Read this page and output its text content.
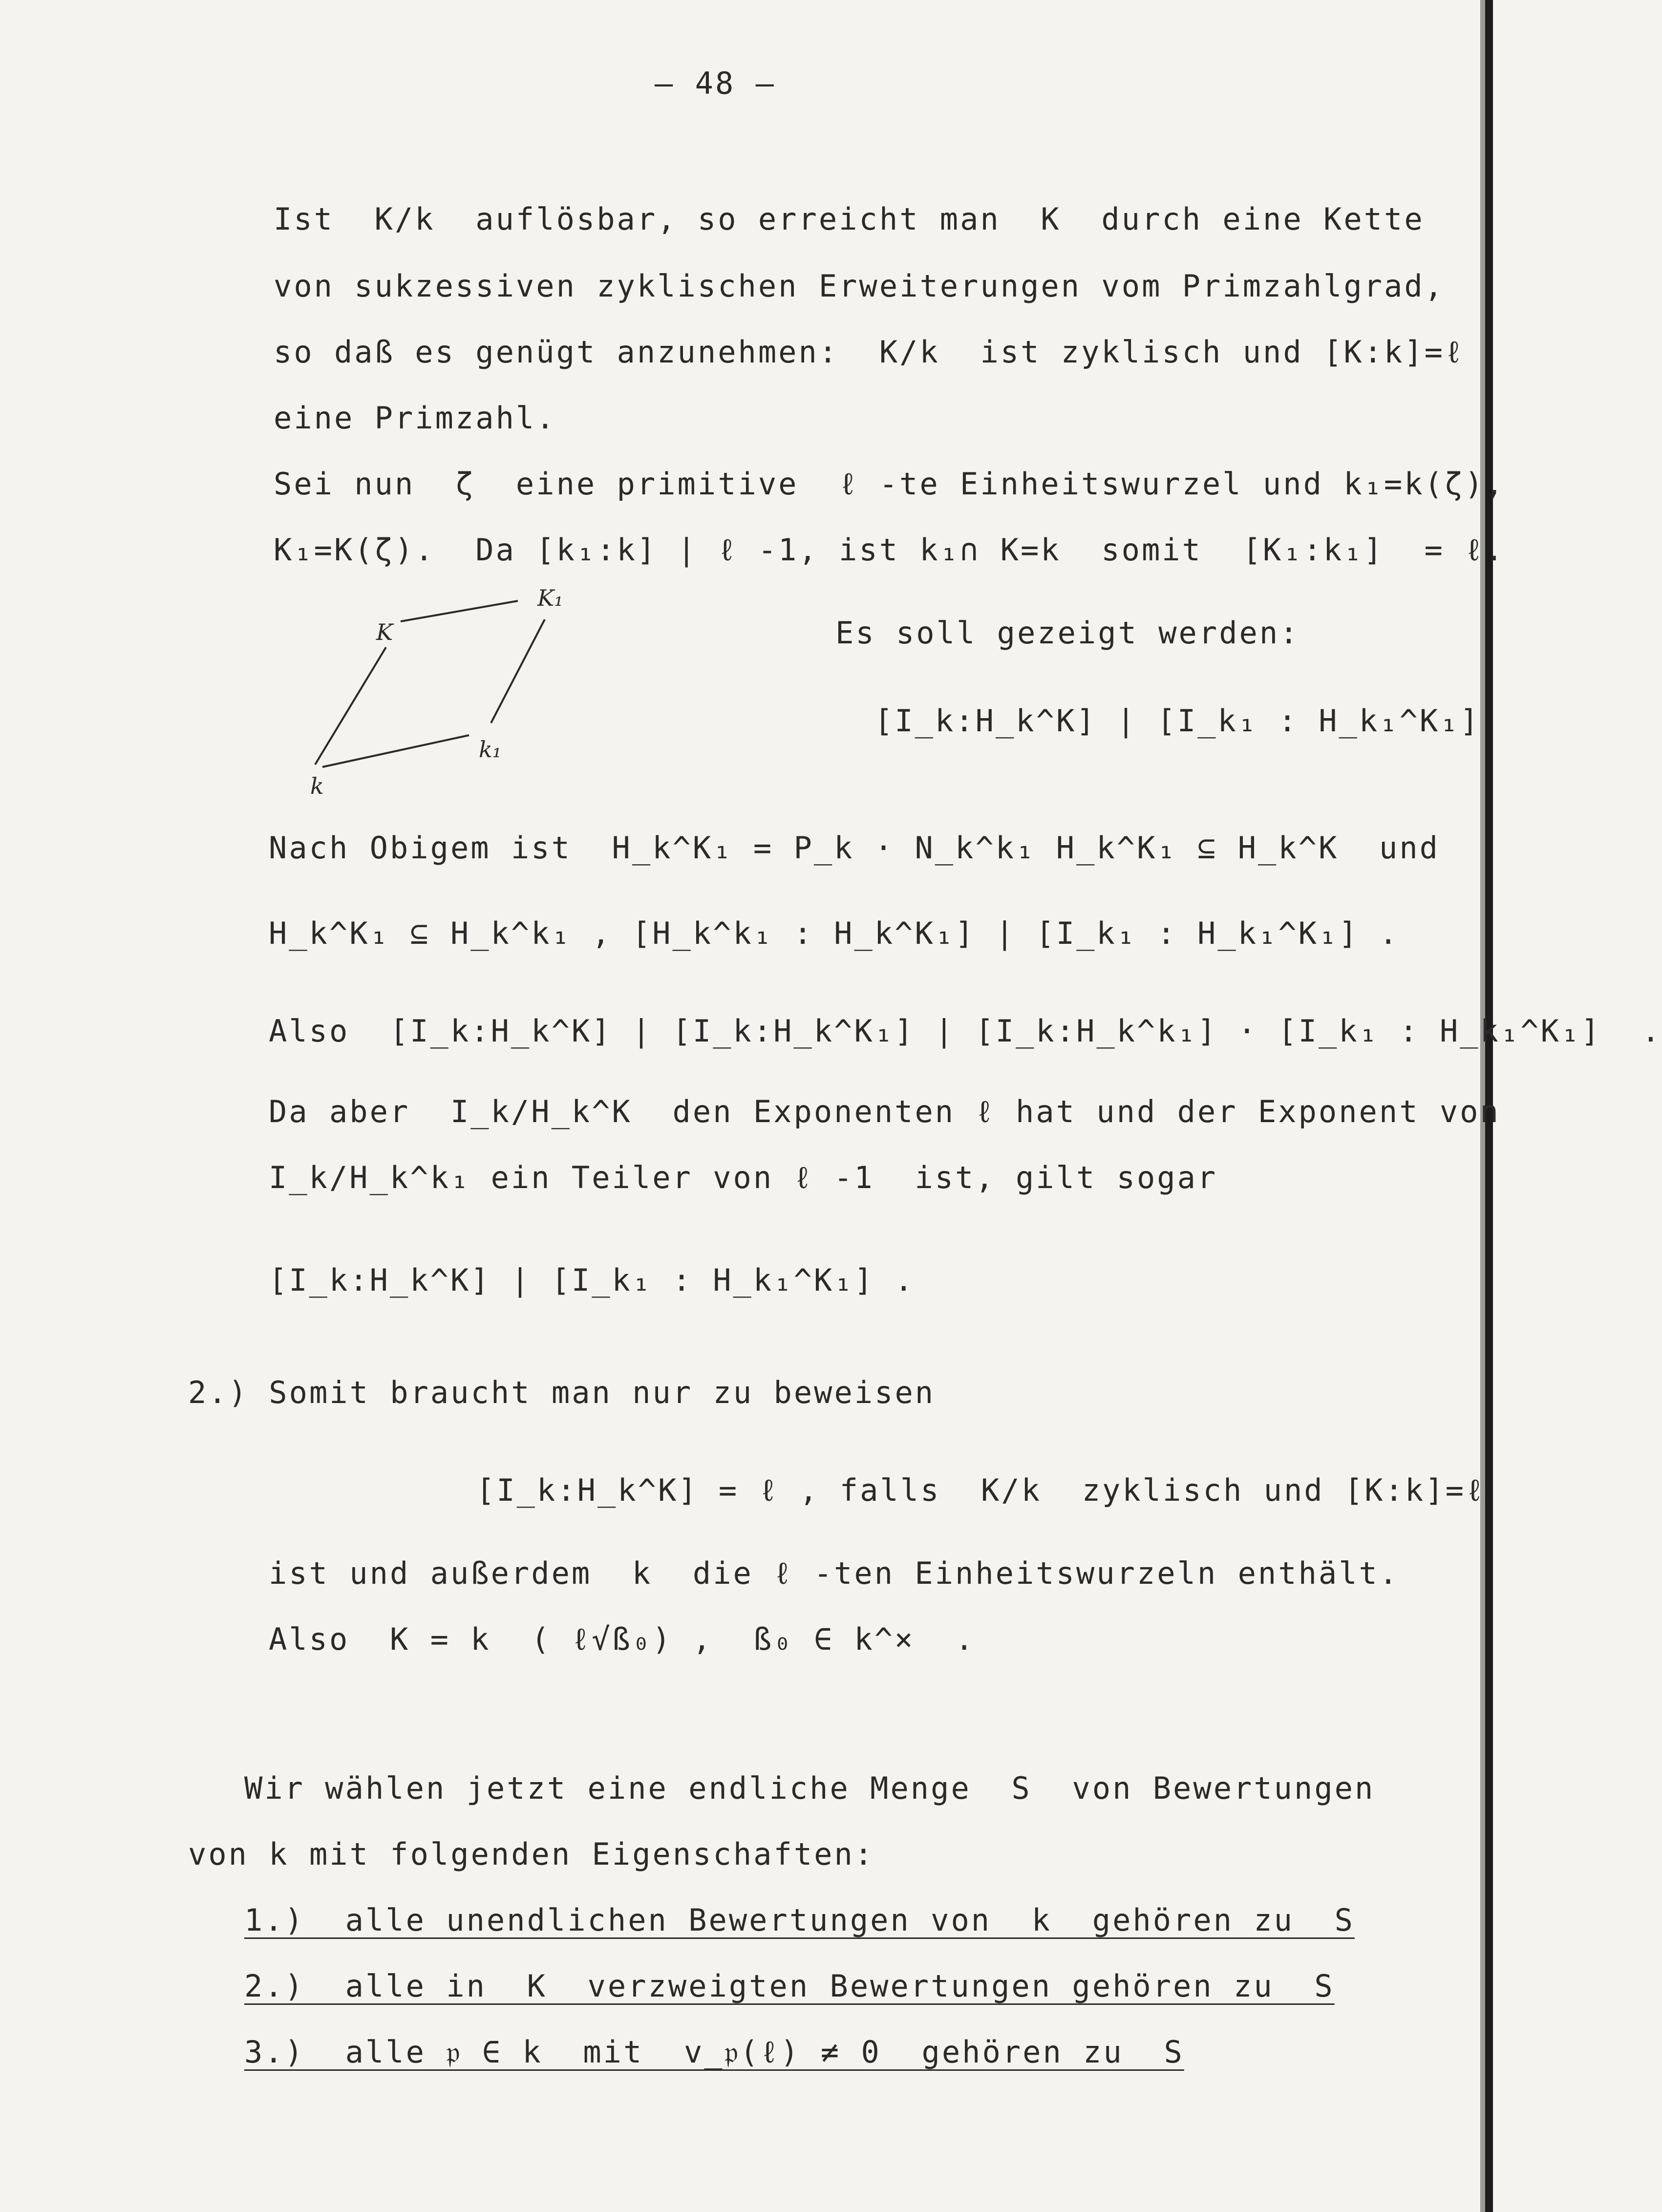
– 48 –
Ist  K/k  auflösbar, so erreicht man  K  durch eine Kette
von sukzessiven zyklischen Erweiterungen vom Primzahlgrad,
so daß es genügt anzunehmen:  K/k  ist zyklisch und [K:k]=ℓ
eine Primzahl.
Sei nun  ζ  eine primitive  ℓ -te Einheitswurzel und k₁=k(ζ),
K₁=K(ζ).  Da [k₁:k] | ℓ -1, ist k₁∩ K=k  somit  [K₁:k₁]  = ℓ.
K
K₁
k₁
k
Es soll gezeigt werden:
[I_k:H_k^K] | [I_k₁ : H_k₁^K₁]
Nach Obigem ist  H_k^K₁ = P_k · N_k^k₁ H_k^K₁ ⊆ H_k^K  und
H_k^K₁ ⊆ H_k^k₁ , [H_k^k₁ : H_k^K₁] | [I_k₁ : H_k₁^K₁] .
Also  [I_k:H_k^K] | [I_k:H_k^K₁] | [I_k:H_k^k₁] · [I_k₁ : H_k₁^K₁]  .
Da aber  I_k/H_k^K  den Exponenten ℓ hat und der Exponent von
I_k/H_k^k₁ ein Teiler von ℓ -1  ist, gilt sogar
[I_k:H_k^K] | [I_k₁ : H_k₁^K₁] .
2.) Somit braucht man nur zu beweisen
[I_k:H_k^K] = ℓ , falls  K/k  zyklisch und [K:k]=ℓ
ist und außerdem  k  die ℓ -ten Einheitswurzeln enthält.
Also  K = k  ( ℓ√ß₀) ,  ß₀ ∈ k^×  .
Wir wählen jetzt eine endliche Menge  S  von Bewertungen
von k mit folgenden Eigenschaften:
1.)  alle unendlichen Bewertungen von  k  gehören zu  S
2.)  alle in  K  verzweigten Bewertungen gehören zu  S
3.)  alle 𝔭 ∈ k  mit  v_𝔭(ℓ) ≠ 0  gehören zu  S
